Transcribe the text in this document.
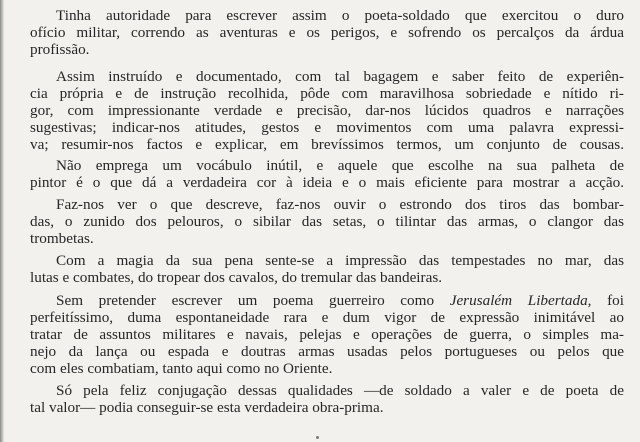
Tinha autoridade para escrever assim o poeta-soldado que exercitou o duro
ofício militar, correndo as aventuras e os perigos, e sofrendo os percalços da árdua
profissão.
Assim instruído e documentado, com tal bagagem e saber feito de experiên-
cia própria e de instrução recolhida, pôde com maravilhosa sobriedade e nítido ri-
gor, com impressionante verdade e precisão, dar-nos lúcidos quadros e narrações
sugestivas; indicar-nos atitudes, gestos e movimentos com uma palavra expressi-
va; resumir-nos factos e explicar, em brevíssimos termos, um conjunto de cousas.
Não emprega um vocábulo inútil, e aquele que escolhe na sua palheta de
pintor é o que dá a verdadeira cor à ideia e o mais eficiente para mostrar a acção.
Faz-nos ver o que descreve, faz-nos ouvir o estrondo dos tiros das bombar-
das, o zunido dos pelouros, o sibilar das setas, o tilintar das armas, o clangor das
trombetas.
Com a magia da sua pena sente-se a impressão das tempestades no mar, das
lutas e combates, do tropear dos cavalos, do tremular das bandeiras.
Sem pretender escrever um poema guerreiro como Jerusalém Libertada, foi
perfeitíssimo, duma espontaneidade rara e dum vigor de expressão inimitável ao
tratar de assuntos militares e navais, pelejas e operações de guerra, o simples ma-
nejo da lança ou espada e doutras armas usadas pelos portugueses ou pelos que
com eles combatiam, tanto aqui como no Oriente.
Só pela feliz conjugação dessas qualidades —de soldado a valer e de poeta de
tal valor— podia conseguir-se esta verdadeira obra-prima.
